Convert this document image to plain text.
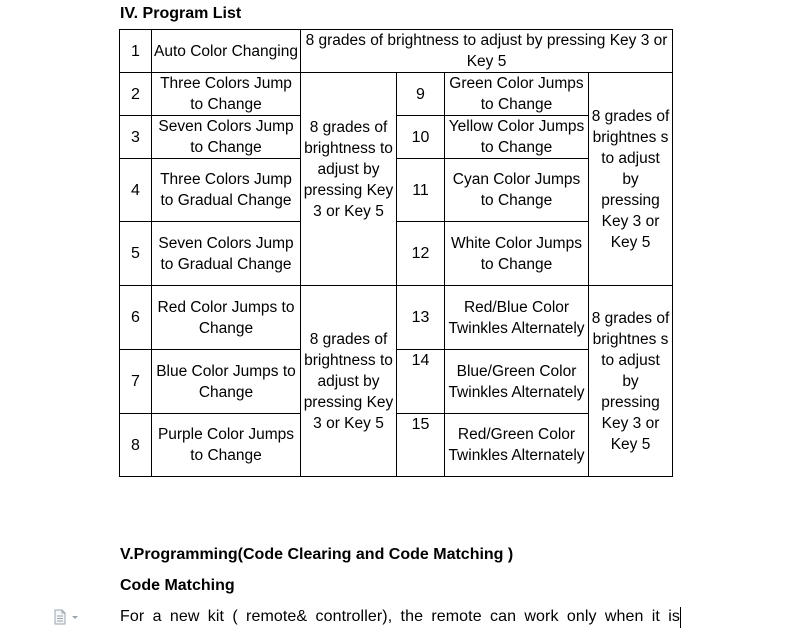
IV. Program List
1	Auto Color Changing	8 grades of brightness to adjust by pressing Key 3 or Key 5			
2	Three Colors Jump to Change	8 grades of brightness to adjust by pressing Key 3 or Key 5	9	Green Color Jumps to Change	8 grades of brightnes s to adjust by pressing Key 3 or Key 5
3	Seven Colors Jump to Change		10	Yellow Color Jumps to Change	
4	Three Colors Jump to Gradual Change		11	Cyan Color Jumps to Change	
5	Seven Colors Jump to Gradual Change		12	White Color Jumps to Change	
6	Red Color Jumps to Change	8 grades of brightness to adjust by pressing Key 3 or Key 5	13	Red/Blue Color Twinkles Alternately	8 grades of brightnes s to adjust by pressing Key 3 or Key 5
7	Blue Color Jumps to Change		14	Blue/Green Color Twinkles Alternately	
8	Purple Color Jumps to Change		15	Red/Green Color Twinkles Alternately	
V.Programming(Code Clearing and Code Matching )
Code Matching
For a new kit ( remote& controller), the remote can work only when it is
